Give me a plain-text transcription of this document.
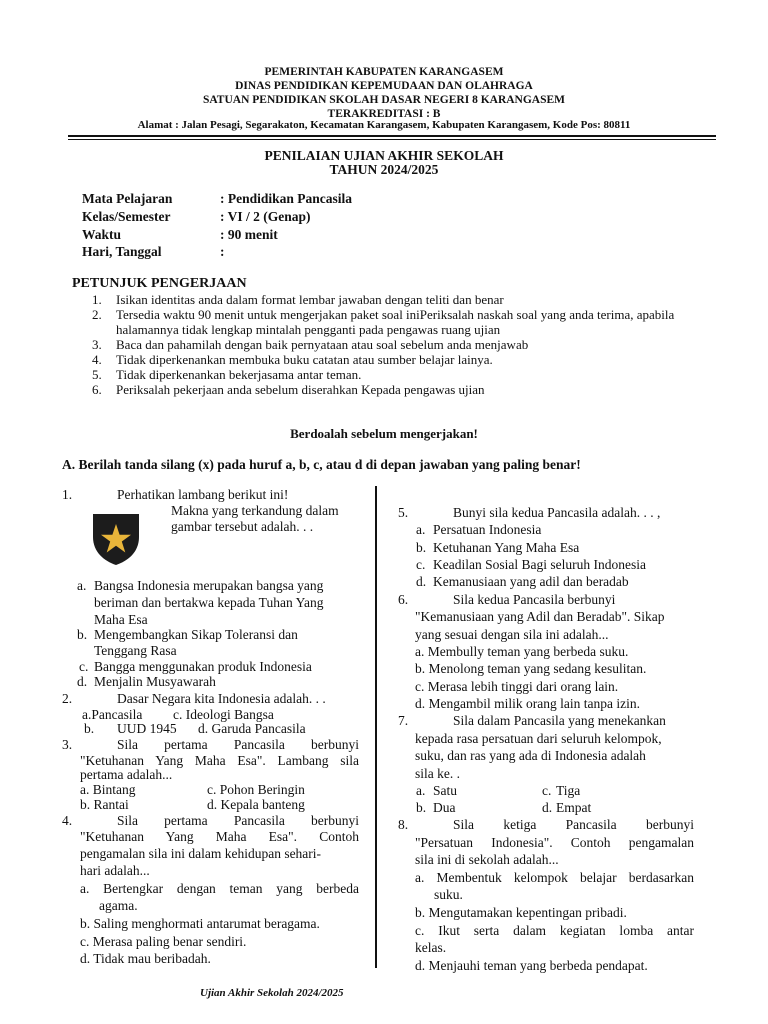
PEMERINTAH KABUPATEN KARANGASEM
DINAS PENDIDIKAN KEPEMUDAAN DAN OLAHRAGA
SATUAN PENDIDIKAN SKOLAH DASAR NEGERI 8 KARANGASEM
TERAKREDITASI : B
Alamat : Jalan Pesagi, Segarakaton, Kecamatan Karangasem, Kabupaten Karangasem, Kode Pos: 80811
PENILAIAN UJIAN AKHIR SEKOLAH
TAHUN 2024/2025
Mata Pelajaran	: Pendidikan Pancasila
Kelas/Semester	: VI / 2 (Genap)
Waktu	: 90 menit
Hari, Tanggal	:
PETUNJUK PENGERJAAN
1. Isikan identitas anda dalam format lembar jawaban dengan teliti dan benar
2. Tersedia waktu 90 menit untuk mengerjakan paket soal iniPeriksalah naskah soal yang anda terima, apabila halamannya tidak lengkap mintalah pengganti pada pengawas ruang ujian
3. Baca dan pahamilah dengan baik pernyataan atau soal sebelum anda menjawab
4. Tidak diperkenankan membuka buku catatan atau sumber belajar lainya.
5. Tidak diperkenankan bekerjasama antar teman.
6. Periksalah pekerjaan anda sebelum diserahkan Kepada pengawas ujian
Berdoalah sebelum mengerjakan!
A. Berilah tanda silang (x) pada huruf a, b, c, atau d di depan jawaban yang paling benar!
1.	Perhatikan lambang berikut ini!
Makna yang terkandung dalam
gambar tersebut adalah. . .
a. Bangsa Indonesia merupakan bangsa yang
beriman dan bertakwa kepada Tuhan Yang
Maha Esa
b. Mengembangkan Sikap Toleransi dan
Tenggang Rasa
c. Bangga menggunakan produk Indonesia
d. Menjalin Musyawarah
2.	Dasar Negara kita Indonesia adalah. . .
a.Pancasila c. Ideologi Bangsa
b. UUD 1945 d. Garuda Pancasila
3.	Sila pertama Pancasila berbunyi
"Ketuhanan Yang Maha Esa". Lambang sila
pertama adalah...
a. Bintang	c. Pohon Beringin
b. Rantai	d. Kepala banteng
4.	Sila pertama Pancasila berbunyi
"Ketuhanan Yang Maha Esa". Contoh
pengamalan sila ini dalam kehidupan sehari-
hari adalah...
a. Bertengkar dengan teman yang berbeda
agama.
b. Saling menghormati antarumat beragama.
c. Merasa paling benar sendiri.
d. Tidak mau beribadah.
5.	Bunyi sila kedua Pancasila adalah. . . ,
a. Persatuan Indonesia
b. Ketuhanan Yang Maha Esa
c. Keadilan Sosial Bagi seluruh Indonesia
d. Kemanusiaan yang adil dan beradab
6.	Sila kedua Pancasila berbunyi
"Kemanusiaan yang Adil dan Beradab". Sikap
yang sesuai dengan sila ini adalah...
a. Membully teman yang berbeda suku.
b. Menolong teman yang sedang kesulitan.
c. Merasa lebih tinggi dari orang lain.
d. Mengambil milik orang lain tanpa izin.
7.	Sila dalam Pancasila yang menekankan
kepada rasa persatuan dari seluruh kelompok,
suku, dan ras yang ada di Indonesia adalah
sila ke. .
a. Satu	c. Tiga
b. Dua	d. Empat
8.	Sila ketiga Pancasila berbunyi
"Persatuan Indonesia". Contoh pengamalan
sila ini di sekolah adalah...
a. Membentuk kelompok belajar berdasarkan
suku.
b. Mengutamakan kepentingan pribadi.
c. Ikut serta dalam kegiatan lomba antar
kelas.
d. Menjauhi teman yang berbeda pendapat.
Ujian Akhir Sekolah 2024/2025
